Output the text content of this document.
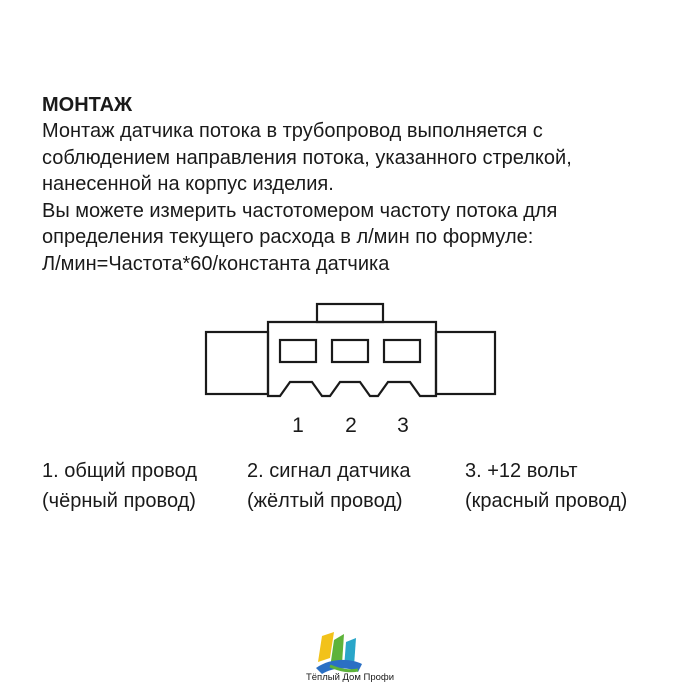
МОНТАЖ

Монтаж датчика потока в трубопровод выполняется с

соблюдением направления потока, указанного стрелкой,

нанесенной на корпус изделия.

Вы можете измерить частотомером частоту потока для

определения текущего расхода в л/мин по формуле:

Л/мин=Частота*60/константа датчика

1 2 3
1. общий провод
(чёрный провод)
2. сигнал датчика
(жёлтый провод)
3. +12 вольт
(красный провод)
Тёплый Дом Профи
